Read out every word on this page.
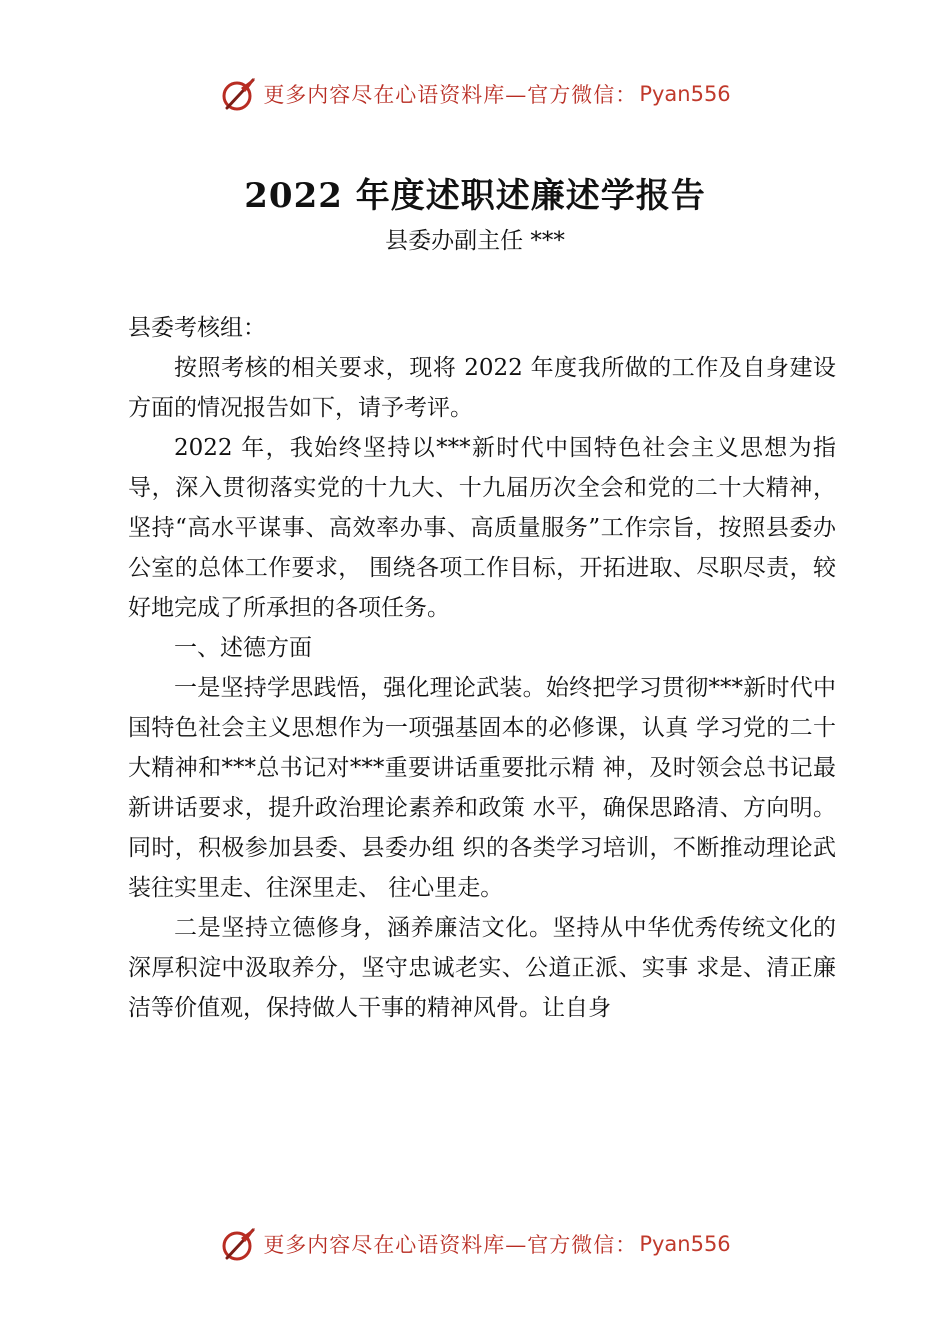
更多内容尽在心语资料库—官方微信： Pyan556
2022 年度述职述廉述学报告
县委办副主任 ***

县委考核组：

按照考核的相关要求，现将 2022 年度我所做的工作及自身建设方面的情况报告如下，请予考评。

2022 年，我始终坚持以***新时代中国特色社会主义思想为指导，深入贯彻落实党的十九大、十九届历次全会和党的二十大精神，坚持“高水平谋事、高效率办事、高质量服务”工作宗旨，按照县委办公室的总体工作要求， 围绕各项工作目标，开拓进取、尽职尽责，较好地完成了所承担的各项任务。

一、述德方面

一是坚持学思践悟，强化理论武装。始终把学习贯彻***新时代中国特色社会主义思想作为一项强基固本的必修课，认真 学习党的二十大精神和***总书记对***重要讲话重要批示精 神，及时领会总书记最新讲话要求，提升政治理论素养和政策 水平，确保思路清、方向明。同时，积极参加县委、县委办组 织的各类学习培训，不断推动理论武装往实里走、往深里走、 往心里走。

二是坚持立德修身，涵养廉洁文化。坚持从中华优秀传统文化的深厚积淀中汲取养分，坚守忠诚老实、公道正派、实事 求是、清正廉洁等价值观，保持做人干事的精神风骨。让自身

更多内容尽在心语资料库—官方微信： Pyan556
